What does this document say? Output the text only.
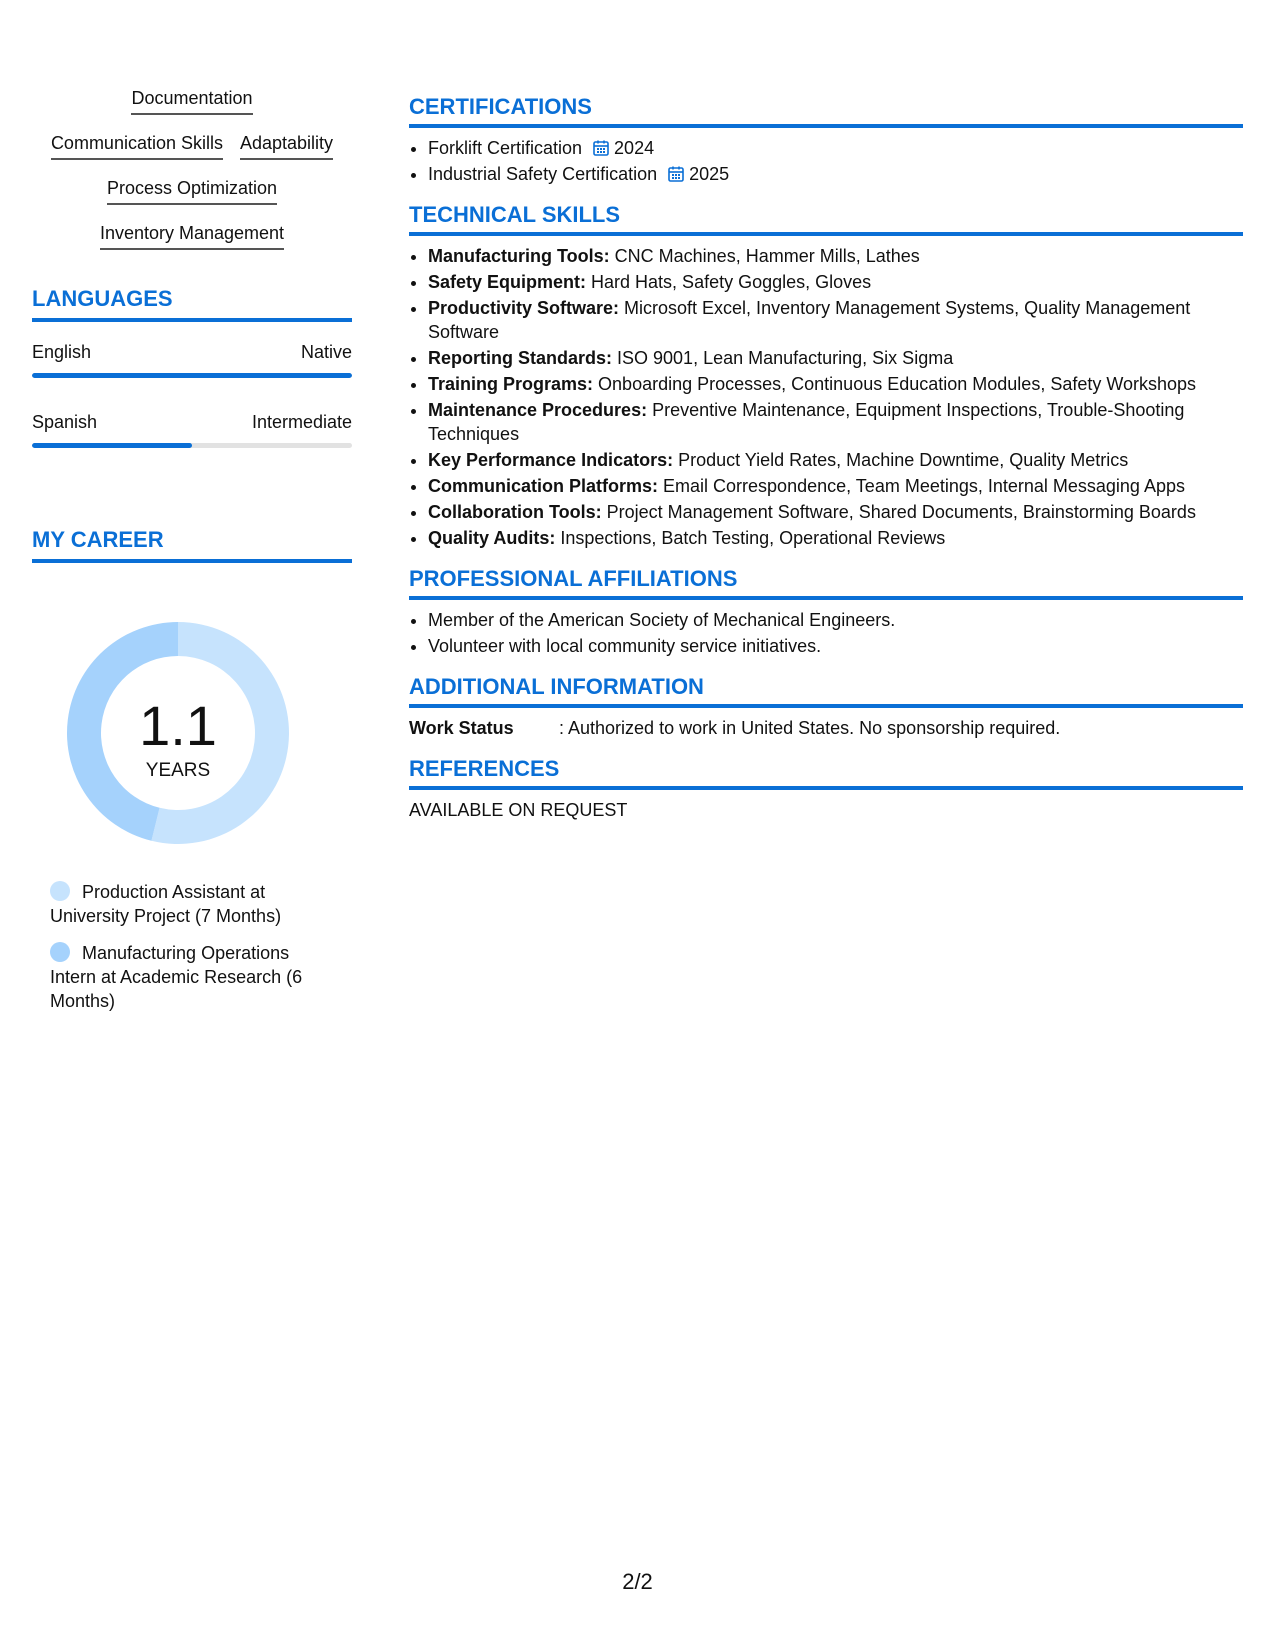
Documentation
Communication Skills Adaptability
Process Optimization
Inventory Management
LANGUAGES
English	Native
Spanish	Intermediate
MY CAREER
1.1
YEARS
Production Assistant at University Project (7 Months)
Manufacturing Operations Intern at Academic Research (6 Months)
CERTIFICATIONS
• Forklift Certification 2024
• Industrial Safety Certification 2025
TECHNICAL SKILLS
• Manufacturing Tools: CNC Machines, Hammer Mills, Lathes
• Safety Equipment: Hard Hats, Safety Goggles, Gloves
• Productivity Software: Microsoft Excel, Inventory Management Systems, Quality Management Software
• Reporting Standards: ISO 9001, Lean Manufacturing, Six Sigma
• Training Programs: Onboarding Processes, Continuous Education Modules, Safety Workshops
• Maintenance Procedures: Preventive Maintenance, Equipment Inspections, Trouble-Shooting Techniques
• Key Performance Indicators: Product Yield Rates, Machine Downtime, Quality Metrics
• Communication Platforms: Email Correspondence, Team Meetings, Internal Messaging Apps
• Collaboration Tools: Project Management Software, Shared Documents, Brainstorming Boards
• Quality Audits: Inspections, Batch Testing, Operational Reviews
PROFESSIONAL AFFILIATIONS
• Member of the American Society of Mechanical Engineers.
• Volunteer with local community service initiatives.
ADDITIONAL INFORMATION
Work Status	: Authorized to work in United States. No sponsorship required.
REFERENCES
AVAILABLE ON REQUEST
2/2
